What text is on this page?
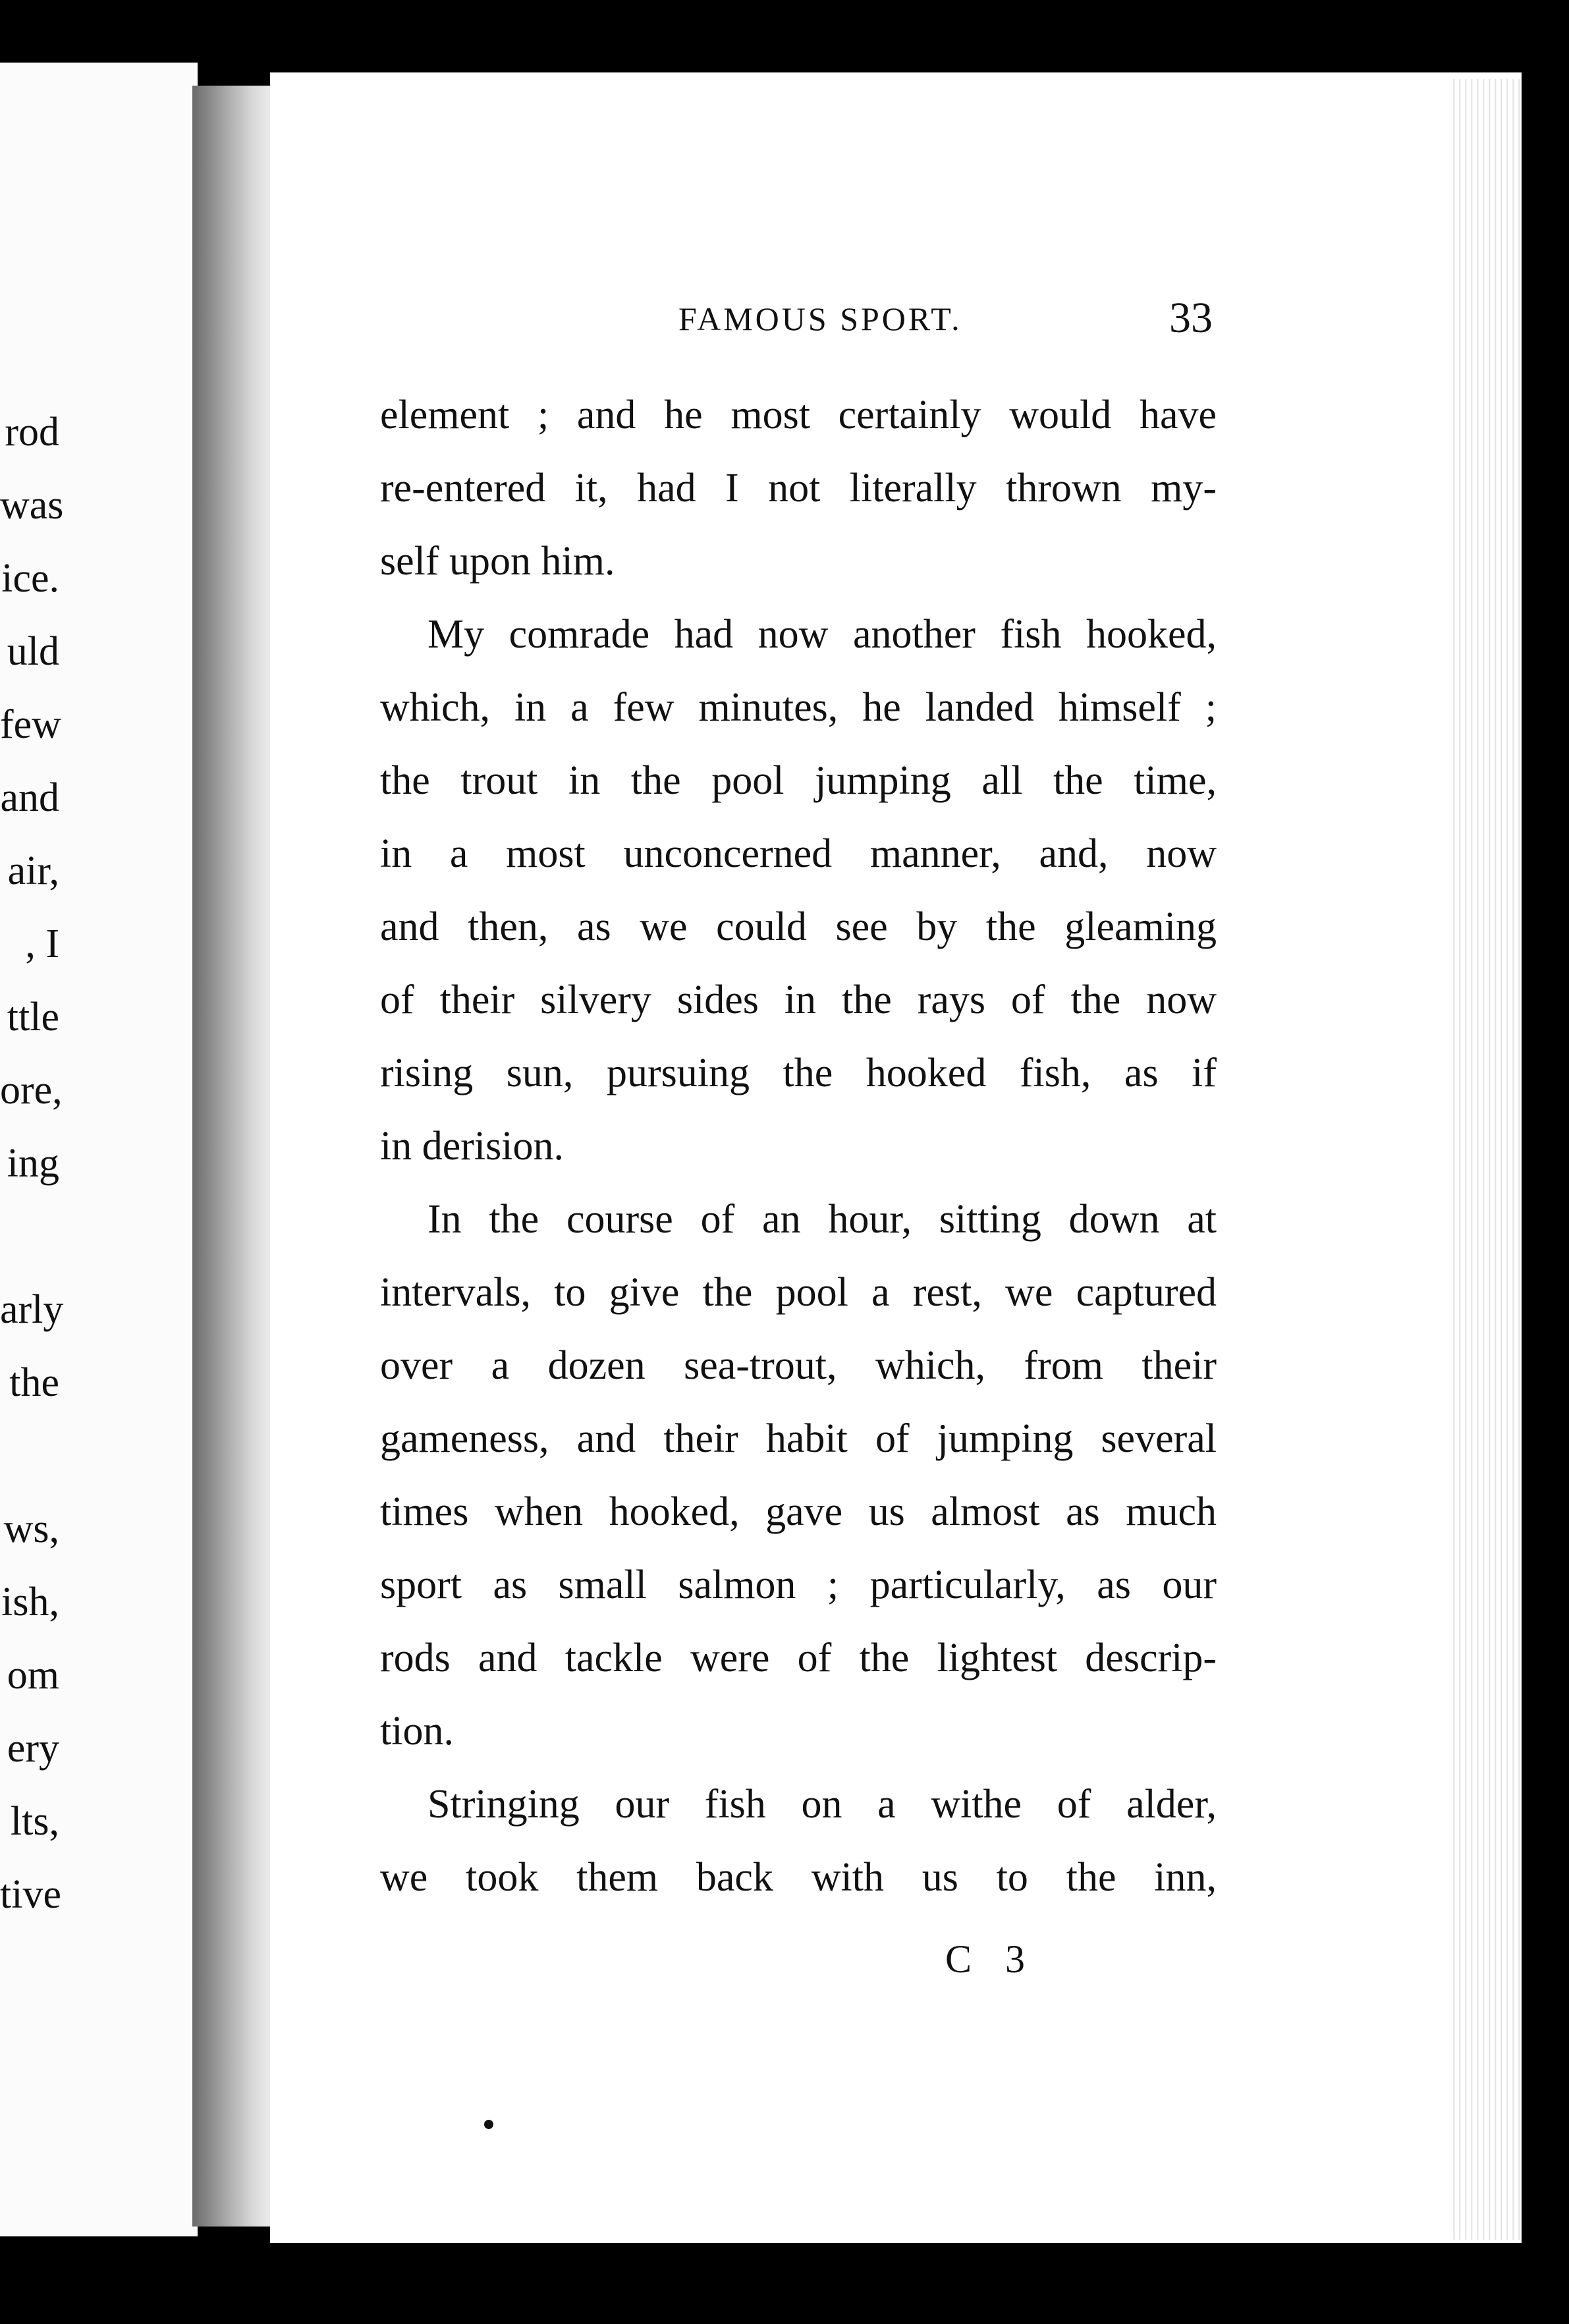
rod
was
ice.
uld
few
and
air,
, I
ttle
ore,
ing
arly
the
ws,
ish,
om
ery
lts,
tive
FAMOUS SPORT.	33
element ; and he most certainly would have
re-entered it, had I not literally thrown my-
self upon him.
My comrade had now another fish hooked,
which, in a few minutes, he landed himself ;
the trout in the pool jumping all the time,
in a most unconcerned manner, and, now
and then, as we could see by the gleaming
of their silvery sides in the rays of the now
rising sun, pursuing the hooked fish, as if
in derision.
In the course of an hour, sitting down at
intervals, to give the pool a rest, we captured
over a dozen sea-trout, which, from their
gameness, and their habit of jumping several
times when hooked, gave us almost as much
sport as small salmon ; particularly, as our
rods and tackle were of the lightest descrip-
tion.
Stringing our fish on a withe of alder,
we took them back with us to the inn,
C 3
